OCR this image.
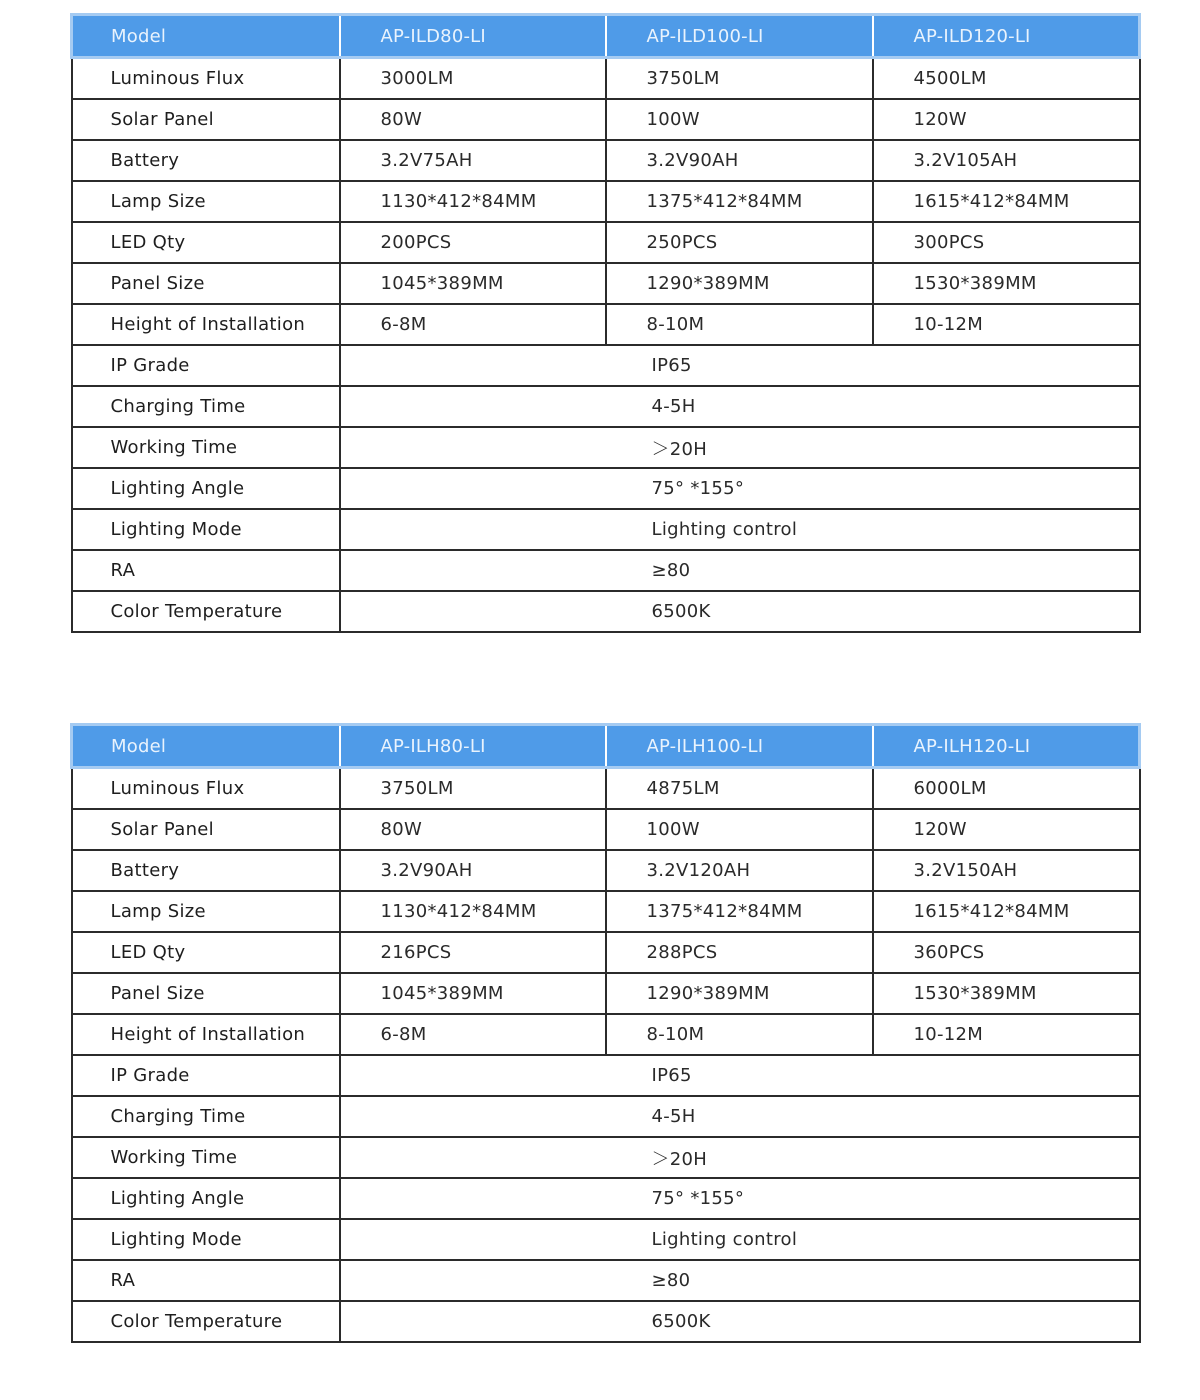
Model	AP-ILD80-LI	AP-ILD100-LI	AP-ILD120-LI
Luminous Flux	3000LM	3750LM	4500LM
Solar Panel	80W	100W	120W
Battery	3.2V75AH	3.2V90AH	3.2V105AH
Lamp Size	1130*412*84MM	1375*412*84MM	1615*412*84MM
LED Qty	200PCS	250PCS	300PCS
Panel Size	1045*389MM	1290*389MM	1530*389MM
Height of Installation	6-8M	8-10M	10-12M
IP Grade	IP65		
Charging Time	4-5H		
Working Time	＞20H		
Lighting Angle	75° *155°		
Lighting Mode	Lighting control		
RA	≥80		
Color Temperature	6500K		
Model	AP-ILH80-LI	AP-ILH100-LI	AP-ILH120-LI
Luminous Flux	3750LM	4875LM	6000LM
Solar Panel	80W	100W	120W
Battery	3.2V90AH	3.2V120AH	3.2V150AH
Lamp Size	1130*412*84MM	1375*412*84MM	1615*412*84MM
LED Qty	216PCS	288PCS	360PCS
Panel Size	1045*389MM	1290*389MM	1530*389MM
Height of Installation	6-8M	8-10M	10-12M
IP Grade	IP65		
Charging Time	4-5H		
Working Time	＞20H		
Lighting Angle	75° *155°		
Lighting Mode	Lighting control		
RA	≥80		
Color Temperature	6500K		
